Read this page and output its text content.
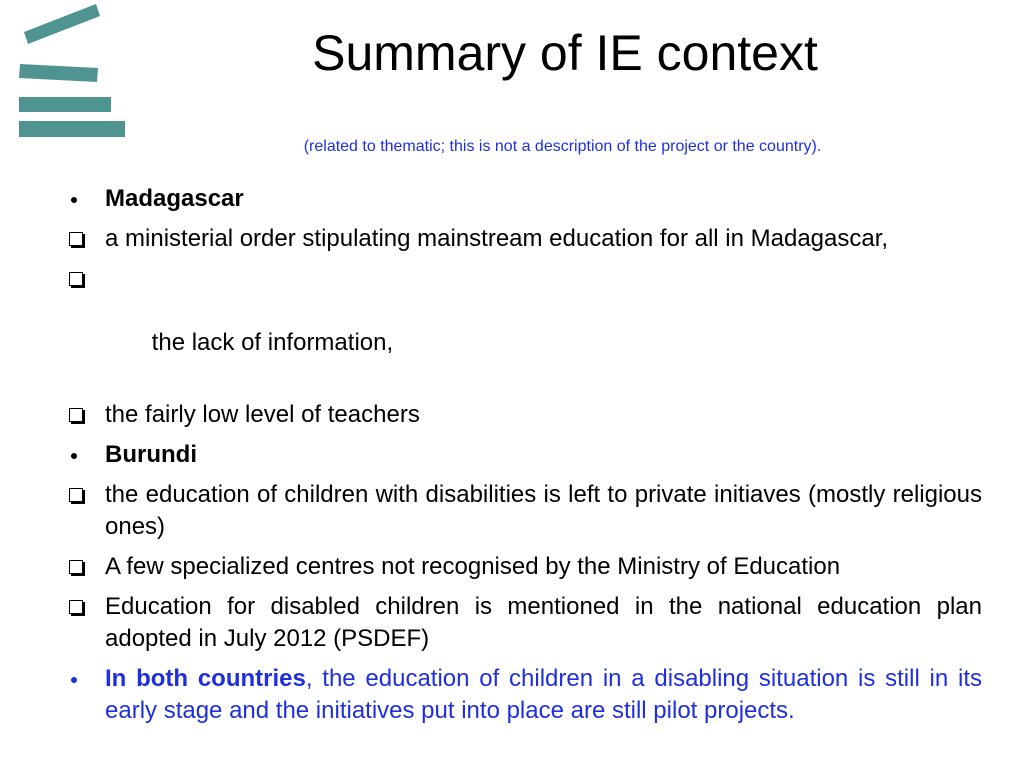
Summary of IE context

(related to thematic; this is not a description of the project or the country).

Madagascar
a ministerial order stipulating mainstream education for all in Madagascar,

the lack of information,

the fairly low level of teachers
Burundi
the education of children with disabilities is left to private initiaves (mostly religious ones)
A few specialized centres not recognised by the Ministry of Education
Education for disabled children is mentioned in the national education plan adopted in July 2012 (PSDEF)
In both countries, the education of children in a disabling situation is still in its early stage and the initiatives put into place are still pilot projects.
